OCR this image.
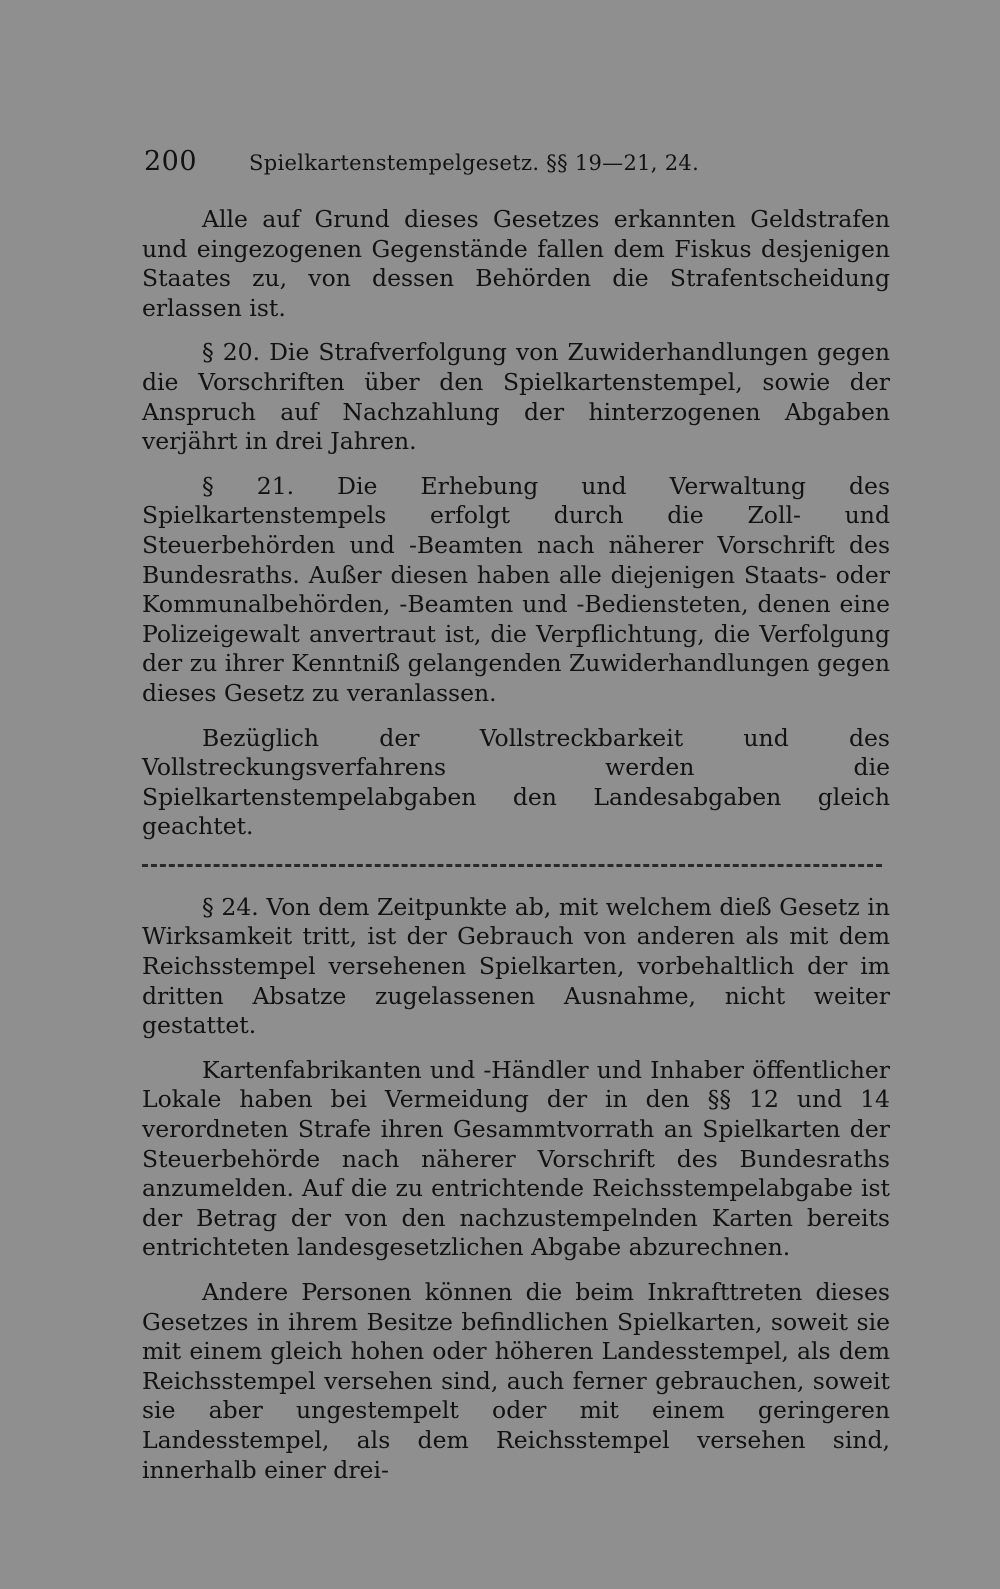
200 Spielkartenstempelgesetz. §§ 19—21, 24.

Alle auf Grund dieses Gesetzes erkannten Geldstrafen und eingezogenen Gegenstände fallen dem Fiskus desjenigen Staates zu, von dessen Behörden die Strafentscheidung erlassen ist.

§ 20. Die Strafverfolgung von Zuwiderhandlungen gegen die Vorschriften über den Spielkartenstempel, sowie der Anspruch auf Nachzahlung der hinterzogenen Abgaben verjährt in drei Jahren.

§ 21. Die Erhebung und Verwaltung des Spielkartenstempels erfolgt durch die Zoll- und Steuerbehörden und -Beamten nach näherer Vorschrift des Bundesraths. Außer diesen haben alle diejenigen Staats- oder Kommunalbehörden, -Beamten und -Bediensteten, denen eine Polizeigewalt anvertraut ist, die Verpflichtung, die Verfolgung der zu ihrer Kenntniß gelangenden Zuwiderhandlungen gegen dieses Gesetz zu veranlassen.

Bezüglich der Vollstreckbarkeit und des Vollstreckungsverfahrens werden die Spielkartenstempelabgaben den Landesabgaben gleich geachtet.

§ 24. Von dem Zeitpunkte ab, mit welchem dieß Gesetz in Wirksamkeit tritt, ist der Gebrauch von anderen als mit dem Reichsstempel versehenen Spielkarten, vorbehaltlich der im dritten Absatze zugelassenen Ausnahme, nicht weiter gestattet.

Kartenfabrikanten und -Händler und Inhaber öffentlicher Lokale haben bei Vermeidung der in den §§ 12 und 14 verordneten Strafe ihren Gesammtvorrath an Spielkarten der Steuerbehörde nach näherer Vorschrift des Bundesraths anzumelden. Auf die zu entrichtende Reichsstempelabgabe ist der Betrag der von den nachzustempelnden Karten bereits entrichteten landesgesetzlichen Abgabe abzurechnen.

Andere Personen können die beim Inkrafttreten dieses Gesetzes in ihrem Besitze befindlichen Spielkarten, soweit sie mit einem gleich hohen oder höheren Landesstempel, als dem Reichsstempel versehen sind, auch ferner gebrauchen, soweit sie aber ungestempelt oder mit einem geringeren Landesstempel, als dem Reichsstempel versehen sind, innerhalb einer drei-
